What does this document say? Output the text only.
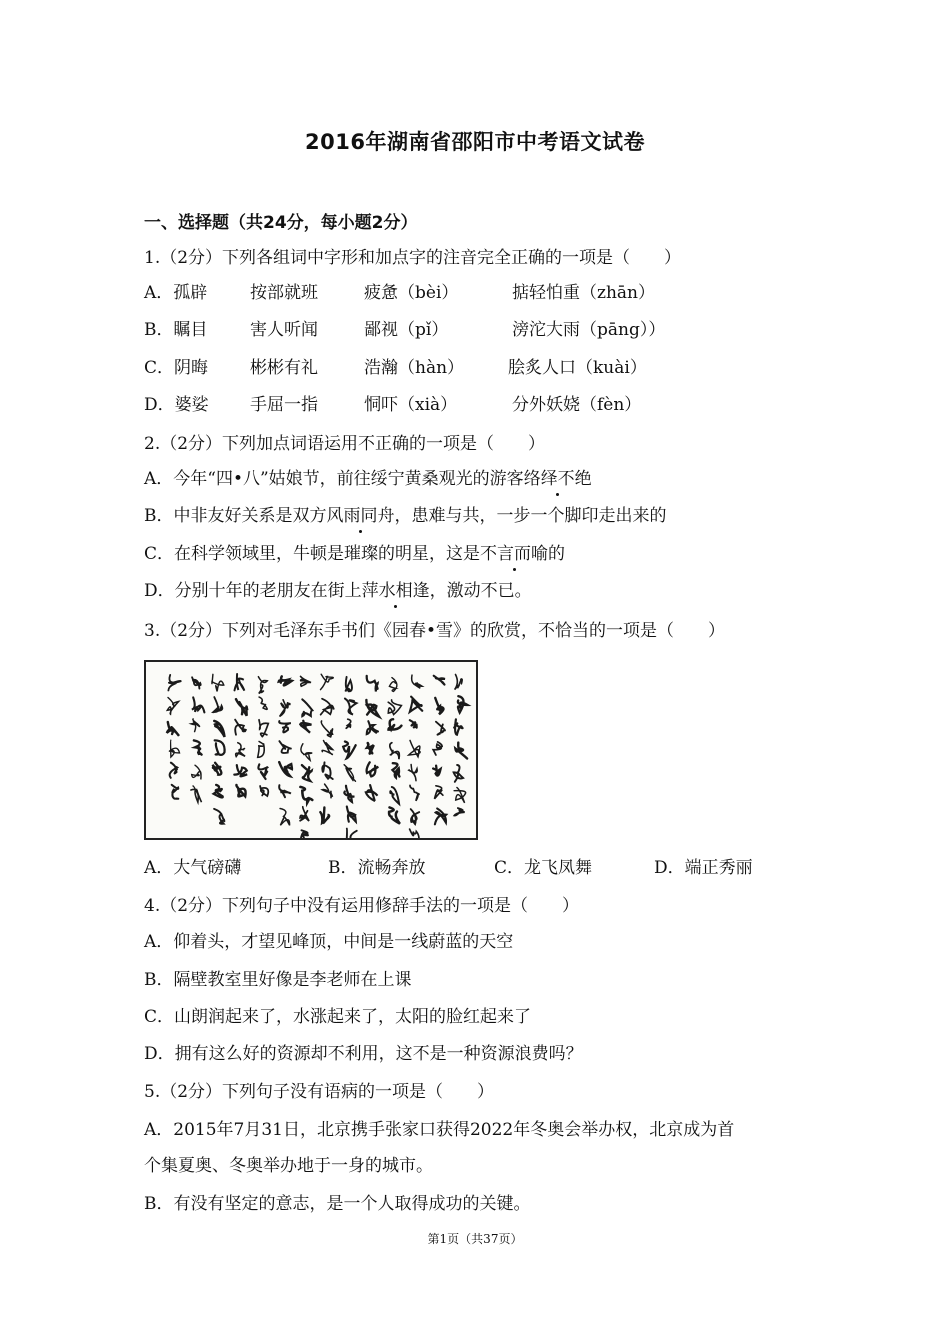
2016年湖南省邵阳市中考语文试卷
一、选择题（共24分，每小题2分）
1.（2分）下列各组词中字形和加点字的注音完全正确的一项是（　　）
A．孤辟	按部就班	疲惫（bèi）	掂轻怕重（zhān）
B．瞩目	害人听闻	鄙视（pǐ）	滂沱大雨（pāng））
C．阴晦 彬彬有礼	浩瀚（hàn）	脍炙人口（kuài）
D．婆娑 手屈一指	恫吓（xià）	分外妖娆（fèn）
2.（2分）下列加点词语运用不正确的一项是（　　）
A．今年“四•八”姑娘节，前往绥宁黄桑观光的游客络绎不绝
B．中非友好关系是双方风雨同舟，患难与共，一步一个脚印走出来的
C．在科学领域里，牛顿是璀璨的明星，这是不言而喻的
D．分别十年的老朋友在街上萍水相逢，激动不已。
3.（2分）下列对毛泽东手书们《园春•雪》的欣赏，不恰当的一项是（　　）
A．大气磅礴	B．流畅奔放	C．龙飞凤舞	D．端正秀丽
4.（2分）下列句子中没有运用修辞手法的一项是（　　）
A．仰着头，才望见峰顶，中间是一线蔚蓝的天空
B．隔壁教室里好像是李老师在上课
C．山朗润起来了，水涨起来了，太阳的脸红起来了
D．拥有这么好的资源却不利用，这不是一种资源浪费吗？
5.（2分）下列句子没有语病的一项是（　　）
A．2015年7月31日，北京携手张家口获得2022年冬奥会举办权，北京成为首
个集夏奥、冬奥举办地于一身的城市。
B．有没有坚定的意志，是一个人取得成功的关键。
第1页（共37页）
